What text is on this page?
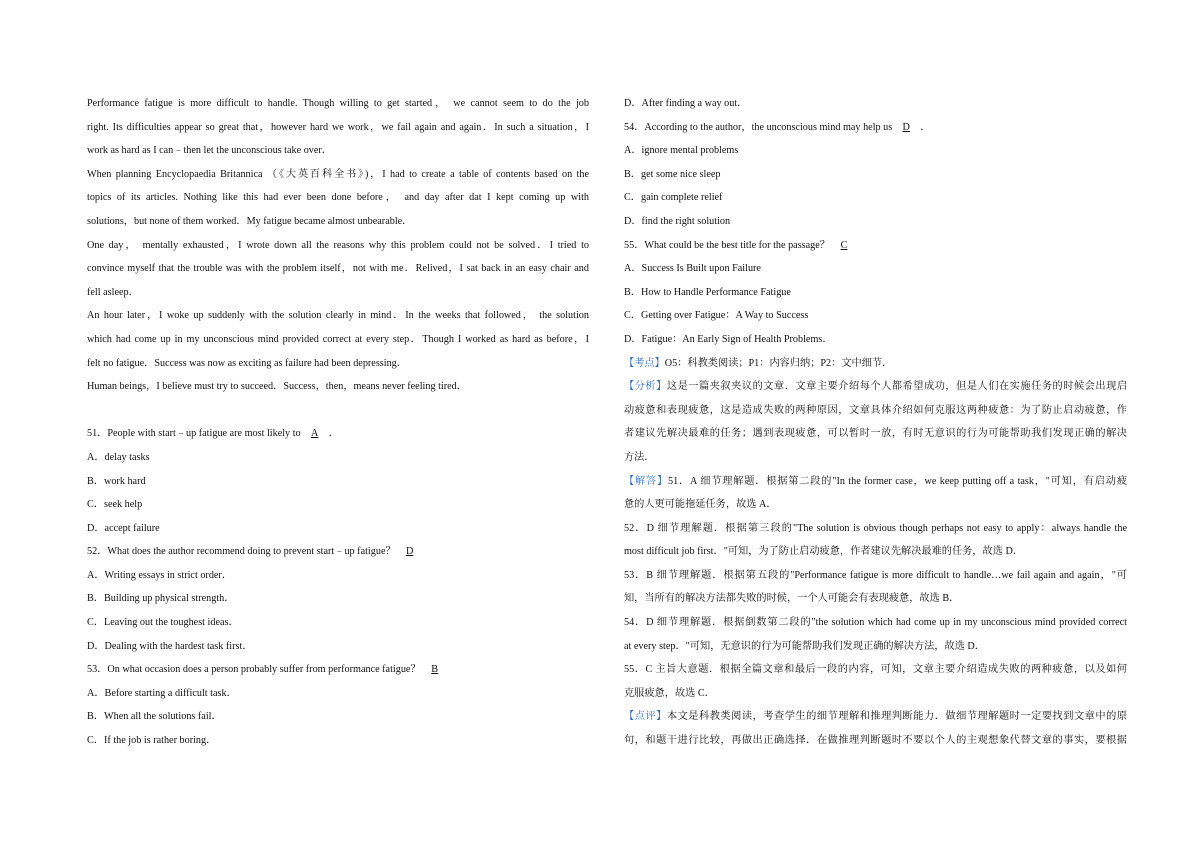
Performance fatigue is more difficult to handle. Though willing to get started， we cannot seem to do the job
right. Its difficulties appear so great that，however hard we work，we fail again and again．In such a situation，I
work as hard as I can﹣then let the unconscious take over．
When planning Encyclopaedia Britannica （《大英百科全书》)，I had to create a table of contents based on the
topics of its articles. Nothing like this had ever been done before， and day after dat I kept coming up with
solutions，but none of them worked．My fatigue became almost unbearable．
One day， mentally exhausted，I wrote down all the reasons why this problem could not be solved．I tried to
convince myself that the trouble was with the problem itself，not with me．Relived，I sat back in an easy chair and
fell asleep．
An hour later，I woke up suddenly with the solution clearly in mind．In the weeks that followed， the solution
which had come up in my unconscious mind provided correct at every step．Though I worked as hard as before，I
felt no fatigue．Success was now as exciting as failure had been depressing．
Human beings，I believe must try to succeed．Success，then，means never feeling tired．
51．People with start﹣up fatigue are most likely to A ．
A．delay tasks
B．work hard
C．seek help
D．accept failure
52．What does the author recommend doing to prevent start﹣up fatigue？ D
A．Writing essays in strict order．
B．Building up physical strength．
C．Leaving out the toughest ideas．
D．Dealing with the hardest task first．
53．On what occasion does a person probably suffer from performance fatigue？ B
A．Before starting a difficult task．
B．When all the solutions fail．
C．If the job is rather boring．
D．After finding a way out．
54．According to the author，the unconscious mind may help us D ．
A．ignore mental problems
B．get some nice sleep
C．gain complete relief
D．find the right solution
55．What could be the best title for the passage？ C
A．Success Is Built upon Failure
B．How to Handle Performance Fatigue
C．Getting over Fatigue：A Way to Success
D．Fatigue：An Early Sign of Health Problems．
【考点】O5：科教类阅读；P1：内容归纳；P2：文中细节．
【分析】这是一篇夹叙夹议的文章．文章主要介绍每个人都希望成功，但是人们在实施任务的时候会出现启
动疲惫和表现疲惫，这是造成失败的两种原因，文章具体介绍如何克服这两种疲惫：为了防止启动疲惫，作
者建议先解决最难的任务；遇到表现疲惫，可以暂时一放，有时无意识的行为可能帮助我们发现正确的解决
方法．
【解答】51．A 细节理解题．根据第二段的"In the former case，we keep putting off a task，"可知，有启动疲
惫的人更可能拖延任务，故选 A．
52．D 细节理解题．根据第三段的"The solution is obvious though perhaps not easy to apply：always handle the
most difficult job first．"可知，为了防止启动疲惫，作者建议先解决最难的任务，故选 D．
53．B 细节理解题．根据第五段的"Performance fatigue is more difficult to handle…we fail again and again，"可
知，当所有的解决方法都失败的时候，一个人可能会有表现疲惫，故选 B．
54．D 细节理解题．根据倒数第二段的"the solution which had come up in my unconscious mind provided correct
at every step．"可知，无意识的行为可能帮助我们发现正确的解决方法，故选 D．
55．C 主旨大意题．根据全篇文章和最后一段的内容，可知，文章主要介绍造成失败的两种疲惫，以及如何
克服疲惫，故选 C．
【点评】本文是科教类阅读，考查学生的细节理解和推理判断能力．做细节理解题时一定要找到文章中的原
句，和题干进行比较，再做出正确选择．在做推理判断题时不要以个人的主观想象代替文章的事实，要根据
